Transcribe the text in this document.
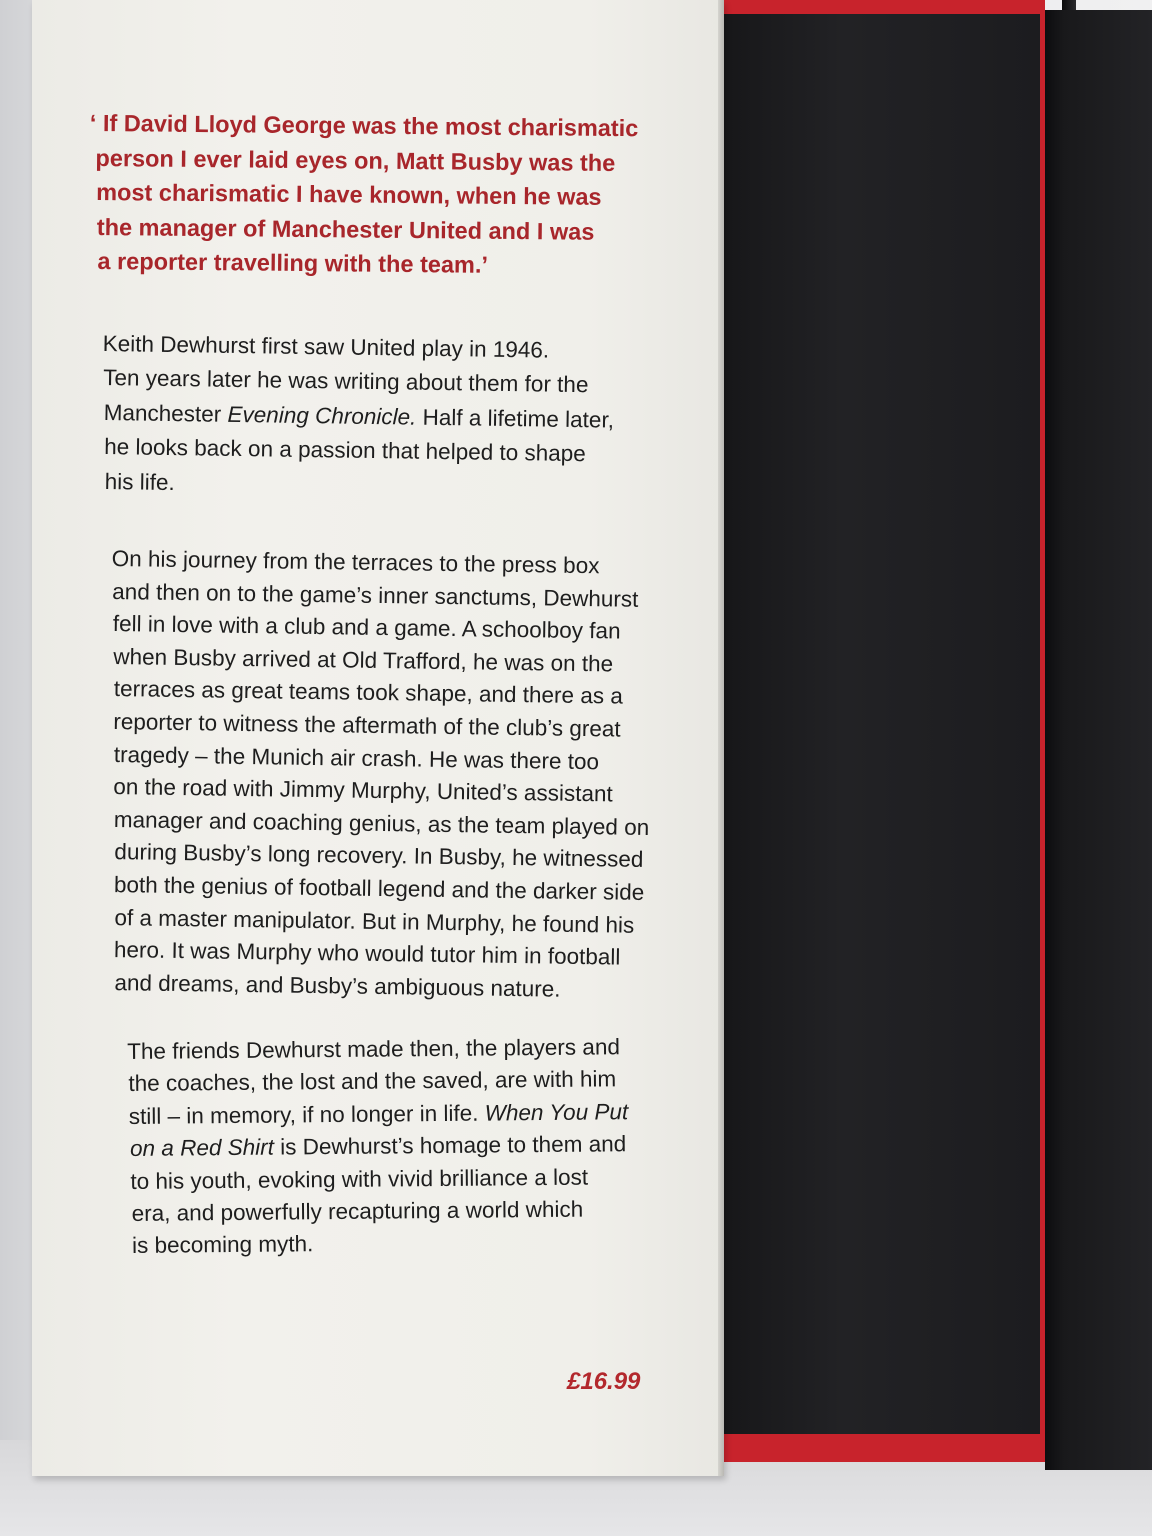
‘ If David Lloyd George was the most charismatic
person I ever laid eyes on, Matt Busby was the
most charismatic I have known, when he was
the manager of Manchester United and I was
a reporter travelling with the team.’
Keith Dewhurst first saw United play in 1946.
Ten years later he was writing about them for the
Manchester Evening Chronicle. Half a lifetime later,
he looks back on a passion that helped to shape
his life.
On his journey from the terraces to the press box
and then on to the game’s inner sanctums, Dewhurst
fell in love with a club and a game. A schoolboy fan
when Busby arrived at Old Trafford, he was on the
terraces as great teams took shape, and there as a
reporter to witness the aftermath of the club’s great
tragedy – the Munich air crash. He was there too
on the road with Jimmy Murphy, United’s assistant
manager and coaching genius, as the team played on
during Busby’s long recovery. In Busby, he witnessed
both the genius of football legend and the darker side
of a master manipulator. But in Murphy, he found his
hero. It was Murphy who would tutor him in football
and dreams, and Busby’s ambiguous nature.
The friends Dewhurst made then, the players and
the coaches, the lost and the saved, are with him
still – in memory, if no longer in life. When You Put
on a Red Shirt is Dewhurst’s homage to them and
to his youth, evoking with vivid brilliance a lost
era, and powerfully recapturing a world which
is becoming myth.
£16.99
